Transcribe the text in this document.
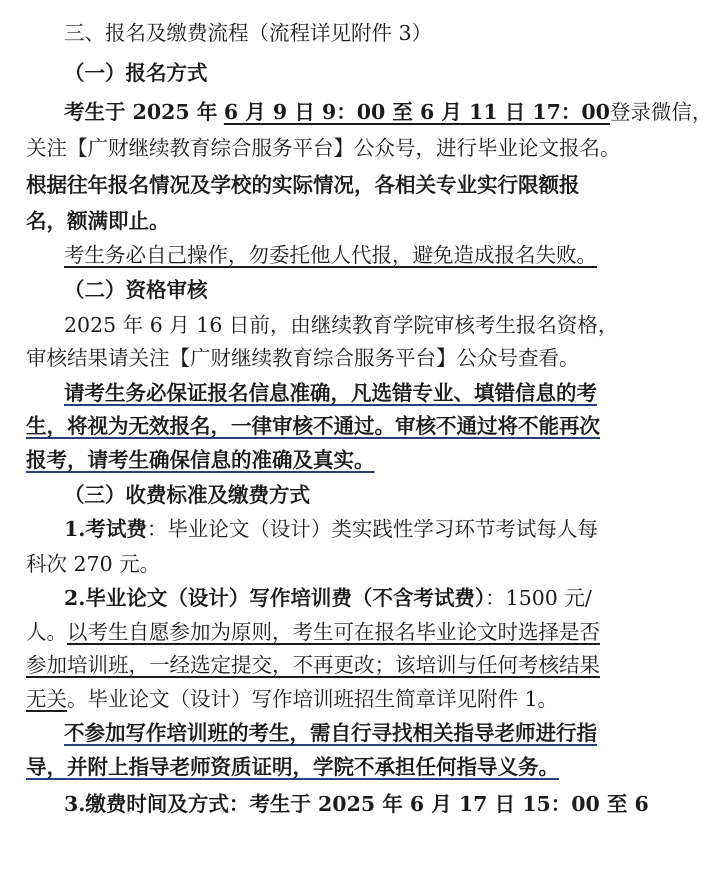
三、报名及缴费流程（流程详见附件 3）
（一）报名方式
考生于 2025 年 6 月 9 日 9：00 至 6 月 11 日 17：00登录微信，
关注【广财继续教育综合服务平台】公众号，进行毕业论文报名。
根据往年报名情况及学校的实际情况，各相关专业实行限额报
名，额满即止。
考生务必自己操作，勿委托他人代报，避免造成报名失败。
（二）资格审核
2025 年 6 月 16 日前，由继续教育学院审核考生报名资格，
审核结果请关注【广财继续教育综合服务平台】公众号查看。
请考生务必保证报名信息准确，凡选错专业、填错信息的考
生，将视为无效报名，一律审核不通过。审核不通过将不能再次
报考，请考生确保信息的准确及真实。
（三）收费标准及缴费方式
1.考试费：毕业论文（设计）类实践性学习环节考试每人每
科次 270 元。
2.毕业论文（设计）写作培训费（不含考试费）：1500 元/
人。以考生自愿参加为原则，考生可在报名毕业论文时选择是否
参加培训班，一经选定提交，不再更改；该培训与任何考核结果
无关。毕业论文（设计）写作培训班招生简章详见附件 1。
不参加写作培训班的考生，需自行寻找相关指导老师进行指
导，并附上指导老师资质证明，学院不承担任何指导义务。
3.缴费时间及方式：考生于 2025 年 6 月 17 日 15：00 至 6
